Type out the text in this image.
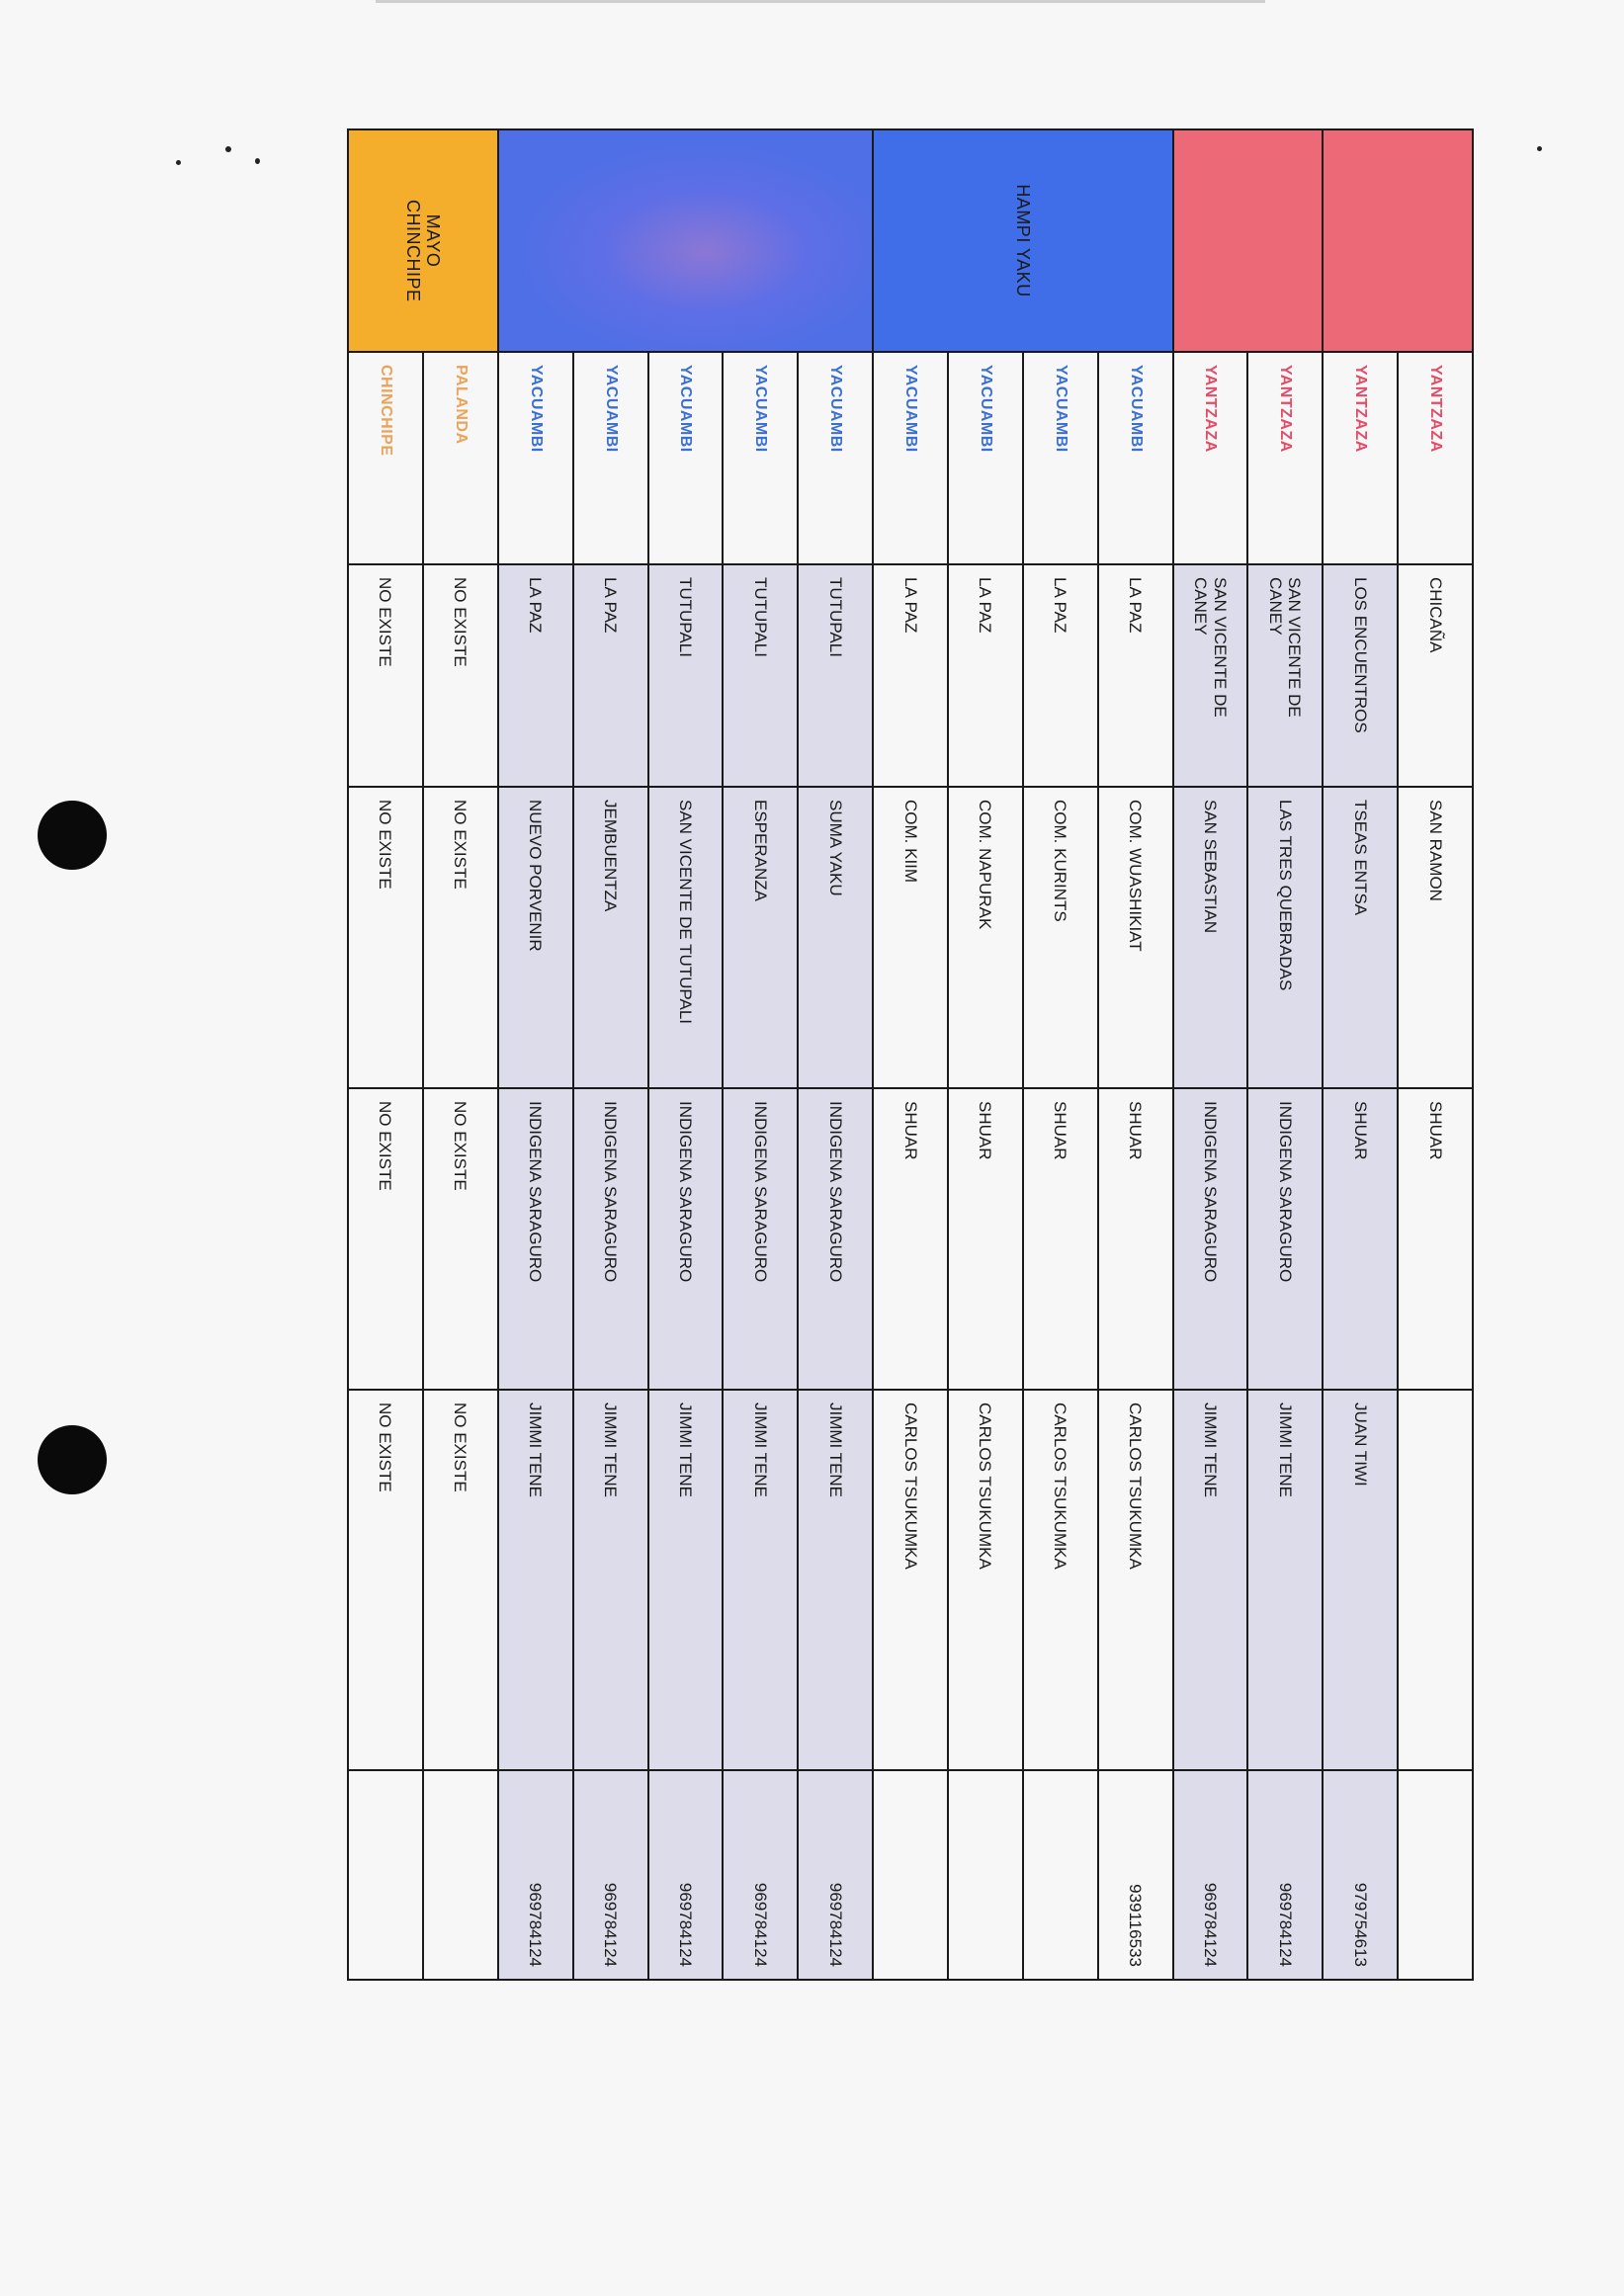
	YANTZAZA	CHICAÑA	SAN RAMON	SHUAR		
	YANTZAZA	LOS ENCUENTROS	TSEAS ENTSA	SHUAR	JUAN TIWI	979754613
	YANTZAZA	SAN VICENTE DE CANEY	LAS TRES QUEBRADAS	INDIGENA SARAGURO	JIMMI TENE	969784124
	YANTZAZA	SAN VICENTE DE CANEY	SAN SEBASTIAN	INDIGENA SARAGURO	JIMMI TENE	969784124
HAMPI YAKU	YACUAMBI	LA PAZ	COM. WUASHIKIAT	SHUAR	CARLOS TSUKUMKA	939116533
	YACUAMBI	LA PAZ	COM. KURINTS	SHUAR	CARLOS TSUKUMKA	
	YACUAMBI	LA PAZ	COM. NAPURAK	SHUAR	CARLOS TSUKUMKA	
	YACUAMBI	LA PAZ	COM. KIIM	SHUAR	CARLOS TSUKUMKA	
	YACUAMBI	TUTUPALI	SUMA YAKU	INDIGENA SARAGURO	JIMMI TENE	969784124
	YACUAMBI	TUTUPALI	ESPERANZA	INDIGENA SARAGURO	JIMMI TENE	969784124
	YACUAMBI	TUTUPALI	SAN VICENTE DE TUTUPALI	INDIGENA SARAGURO	JIMMI TENE	969784124
	YACUAMBI	LA PAZ	JEMBUENTZA	INDIGENA SARAGURO	JIMMI TENE	969784124
	YACUAMBI	LA PAZ	NUEVO PORVENIR	INDIGENA SARAGURO	JIMMI TENE	969784124
MAYO CHINCHIPE	PALANDA	NO EXISTE	NO EXISTE	NO EXISTE	NO EXISTE	
	CHINCHIPE	NO EXISTE	NO EXISTE	NO EXISTE	NO EXISTE	
